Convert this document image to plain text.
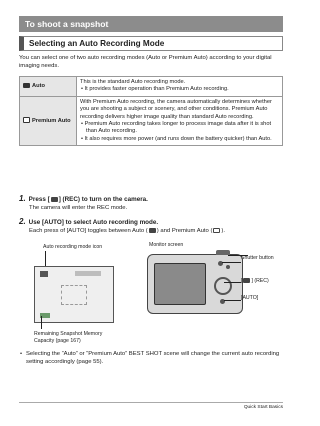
To shoot a snapshot
Selecting an Auto Recording Mode
You can select one of two auto recording modes (Auto or Premium Auto) according to your digital imaging needs.
Auto	This is the standard Auto recording mode.
• It provides faster operation than Premium Auto recording.

Premium Auto	With Premium Auto recording, the camera automatically determines whether you are shooting a subject or scenery, and other conditions. Premium Auto recording delivers higher image quality than standard Auto recording.
• Premium Auto recording takes longer to process image data after it is shot than Auto recording.
• It also requires more power (and runs down the battery quicker) than Auto.
1. Press [ ] (REC) to turn on the camera.
The camera will enter the REC mode.
2. Use [AUTO] to select Auto recording mode.
Each press of [AUTO] toggles between Auto ( ) and Premium Auto ( ).
Auto recording mode icon
Remaining Snapshot Memory
Capacity (page 167)
Monitor screen
Shutter button
[ ] (REC)
[AUTO]
• Selecting the “Auto” or “Premium Auto” BEST SHOT scene will change the current auto recording setting accordingly (page 55).
Quick Start Basics
